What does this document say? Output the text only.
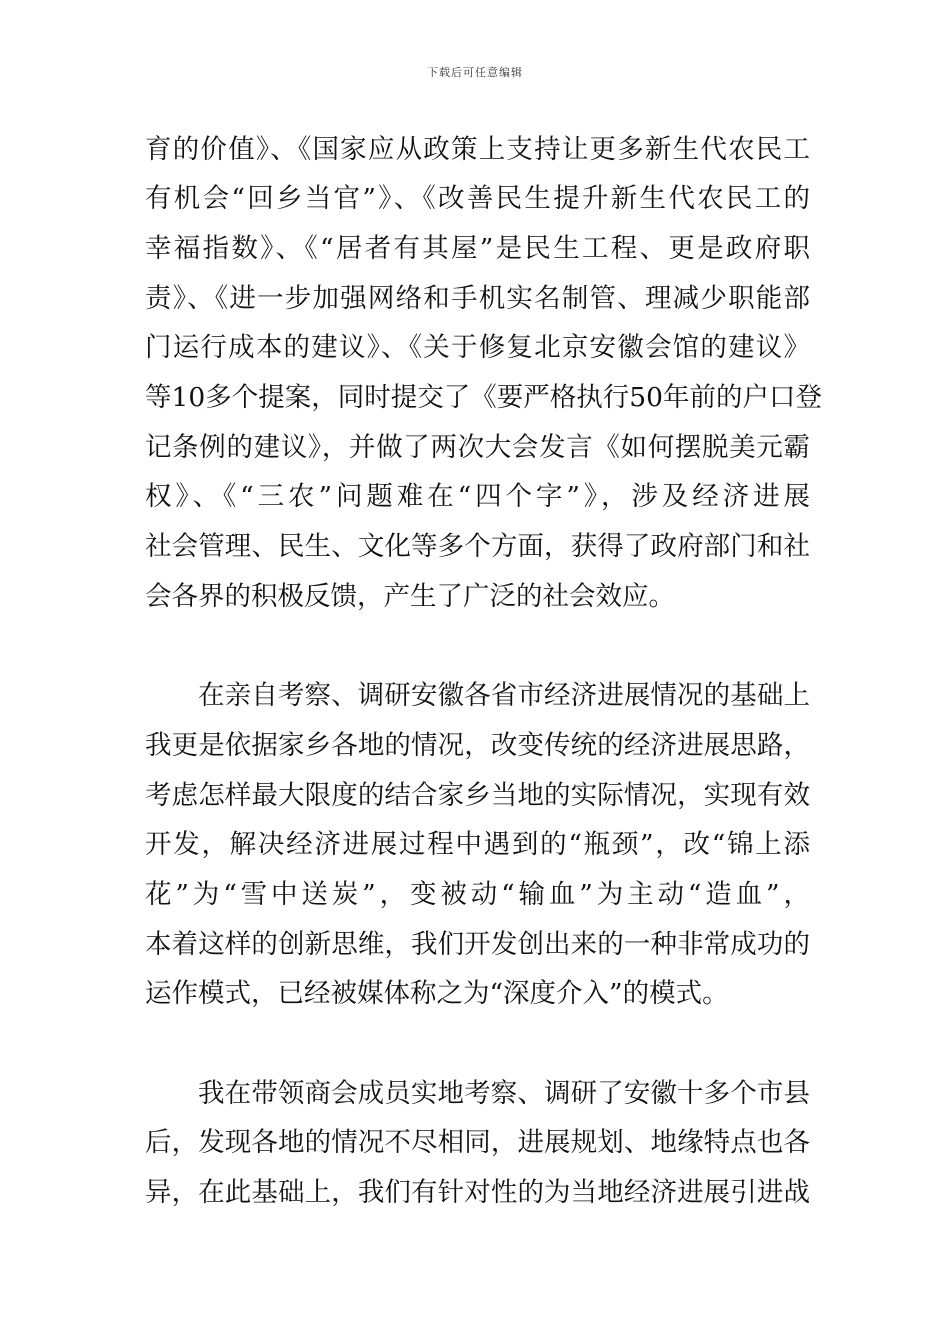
下载后可任意编辑
育的价值》、《国家应从政策上支持让更多新生代农民工
有机会“回乡当官”》、《改善民生提升新生代农民工的
幸福指数》、《“居者有其屋”是民生工程、更是政府职
责》、《进一步加强网络和手机实名制管、理减少职能部
门运行成本的建议》、《关于修复北京安徽会馆的建议》
等10多个提案，同时提交了《要严格执行50年前的户口登
记条例的建议》，并做了两次大会发言《如何摆脱美元霸
权》、《“三农”问题难在“四个字”》，涉及经济进展
社会管理、民生、文化等多个方面，获得了政府部门和社
会各界的积极反馈，产生了广泛的社会效应。
在亲自考察、调研安徽各省市经济进展情况的基础上
我更是依据家乡各地的情况，改变传统的经济进展思路，
考虑怎样最大限度的结合家乡当地的实际情况，实现有效
开发，解决经济进展过程中遇到的“瓶颈”，改“锦上添
花”为“雪中送炭”，变被动“输血”为主动“造血”，
本着这样的创新思维，我们开发创出来的一种非常成功的
运作模式，已经被媒体称之为“深度介入”的模式。
我在带领商会成员实地考察、调研了安徽十多个市县
后，发现各地的情况不尽相同，进展规划、地缘特点也各
异，在此基础上，我们有针对性的为当地经济进展引进战
